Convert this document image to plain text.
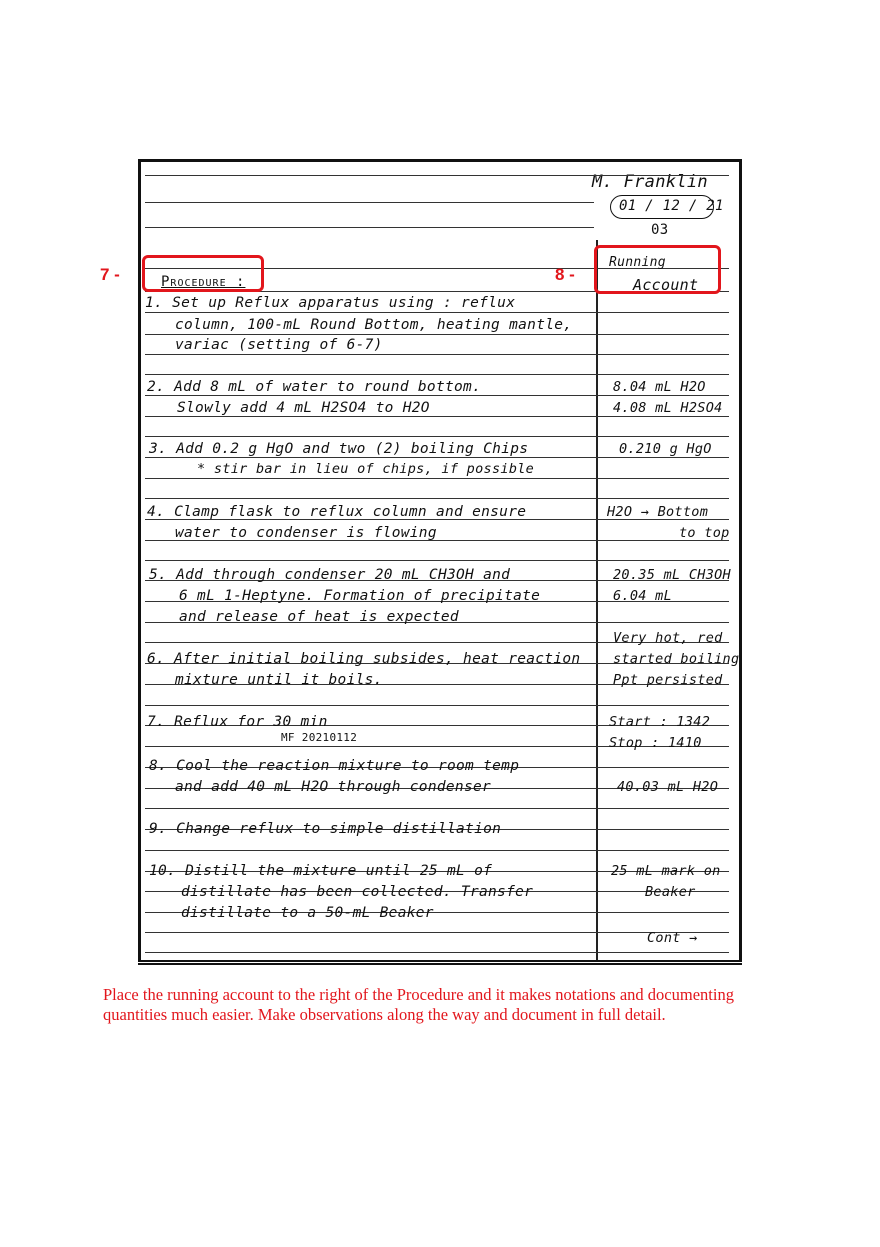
M. Franklin
01 / 12 / 21
03
Procedure :
Running
Account
1. Set up Reflux apparatus using : reflux
column, 100-mL Round Bottom, heating mantle,
variac (setting of 6-7)
2. Add 8 mL of water to round bottom.
Slowly add 4 mL H2SO4 to H2O
8.04 mL H2O
4.08 mL H2SO4
3. Add 0.2 g HgO and two (2) boiling Chips
* stir bar in lieu of chips, if possible
0.210 g HgO
4. Clamp flask to reflux column and ensure
water to condenser is flowing
H2O → Bottom
to top
5. Add through condenser 20 mL CH3OH and
6 mL 1-Heptyne. Formation of precipitate
and release of heat is expected
20.35 mL CH3OH
6.04 mL
Very hot, red
6. After initial boiling subsides, heat reaction
mixture until it boils.
started boiling
Ppt persisted
7. Reflux for 30 min
MF 20210112
Start : 1342
Stop : 1410
8. Cool the reaction mixture to room temp
and add 40 mL H2O through condenser	40.03 mL H2O
9. Change reflux to simple distillation
10. Distill the mixture until 25 mL of
distillate has been collected. Transfer
distillate to a 50-mL Beaker
25 mL mark on
Beaker
Cont →
7 -	8 -
Place the running account to the right of the Procedure and it makes notations and documenting quantities much easier. Make observations along the way and document in full detail.
